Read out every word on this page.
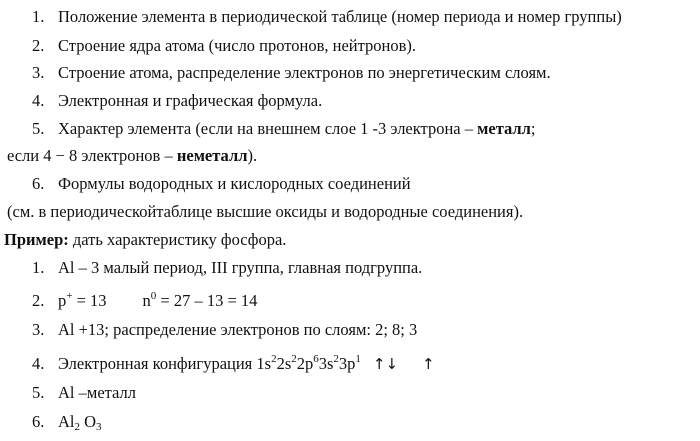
1. Положение элемента в периодической таблице (номер периода и номер группы)
2. Строение ядра атома (число протонов, нейтронов).
3. Строение атома, распределение электронов по энергетическим слоям.
4. Электронная и графическая формула.
5. Характер элемента (если на внешнем слое 1 -3 электрона – металл;
если 4 − 8 электронов – неметалл).
6. Формулы водородных и кислородных соединений
(см. в периодическойтаблице высшие оксиды и водородные соединения).
Пример: дать характеристику фосфора.
1. Al – 3 малый период, III группа, главная подгруппа.
2. p+ = 13 $n^0 = 27 - 13 = 14$
3. Al +13; распределение электронов по слоям: 2; 8; 3
4. Электронная конфигурация $1s^22s^22p^63s^23p^1$ ↑↓ ↑
5. Al –металл
6. $Al_2$ $O_3$
